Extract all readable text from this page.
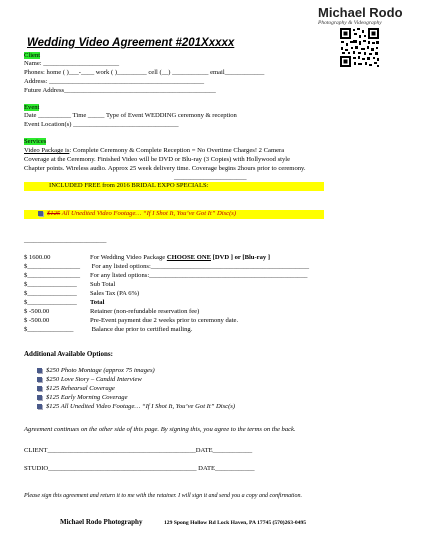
Michael Rodo
Photography & Videography
Wedding Video Agreement #201Xxxxx
Client
Name: _______________________
Phones: home ( )___-____ work ( )_________ cell (__) ___________ email____________
Address: _______________________________________________
Future Address______________________________________________
Event
Date __________ Time _____ Type of Event WEDDING ceremony & reception
Event Location(s) ________________________________
Services
Video Package is: Complete Ceremony & Complete Reception = No Overtime Charges! 2 Camera
Coverage at the Ceremony. Finished Video will be DVD or Blu-ray (3 Copies) with Hollywood style
Chapter points. Wireless audio. Approx 25 week delivery time. Coverage begins 2hours prior to ceremony.
______________________
INCLUDED FREE from 2016 BRIDAL EXPO SPECIALS:
$125 All Unedited Video Footage… “If I Shot It, You’ve Got It” Disc(s)
_________________________
$ 1600.00	For Wedding Video Package CHOOSE ONE [DVD ] or [Blu-ray ]
$________________ For any listed options:________________________________________________
$________________ For any listed options:________________________________________________
$_______________ Sub Total
$_______________ Sales Tax (PA 6%)
$_______________ Total
$ -500.00	Retainer (non-refundable reservation fee)
$ -500.00	Pre-Event payment due 2 weeks prior to ceremony date.
$______________	Balance due prior to certified mailing.
Additional Available Options:
$250 Photo Montage (approx 75 images)
$250 Love Story – Candid Interview
$125 Rehearsal Coverage
$125 Early Morning Coverage
$125 All Unedited Video Footage… “If I Shot It, You’ve Got It” Disc(s)
Agreement continues on the other side of this page. By signing this, you agree to the terms on the back.
CLIENT_____________________________________________DATE____________
STUDIO_____________________________________________ DATE____________
Please sign this agreement and return it to me with the retainer. I will sign it and send you a copy and confirmation.
Michael Rodo Photography	129 Spong Hollow Rd Lock Haven, PA 17745 (570)263-0495
